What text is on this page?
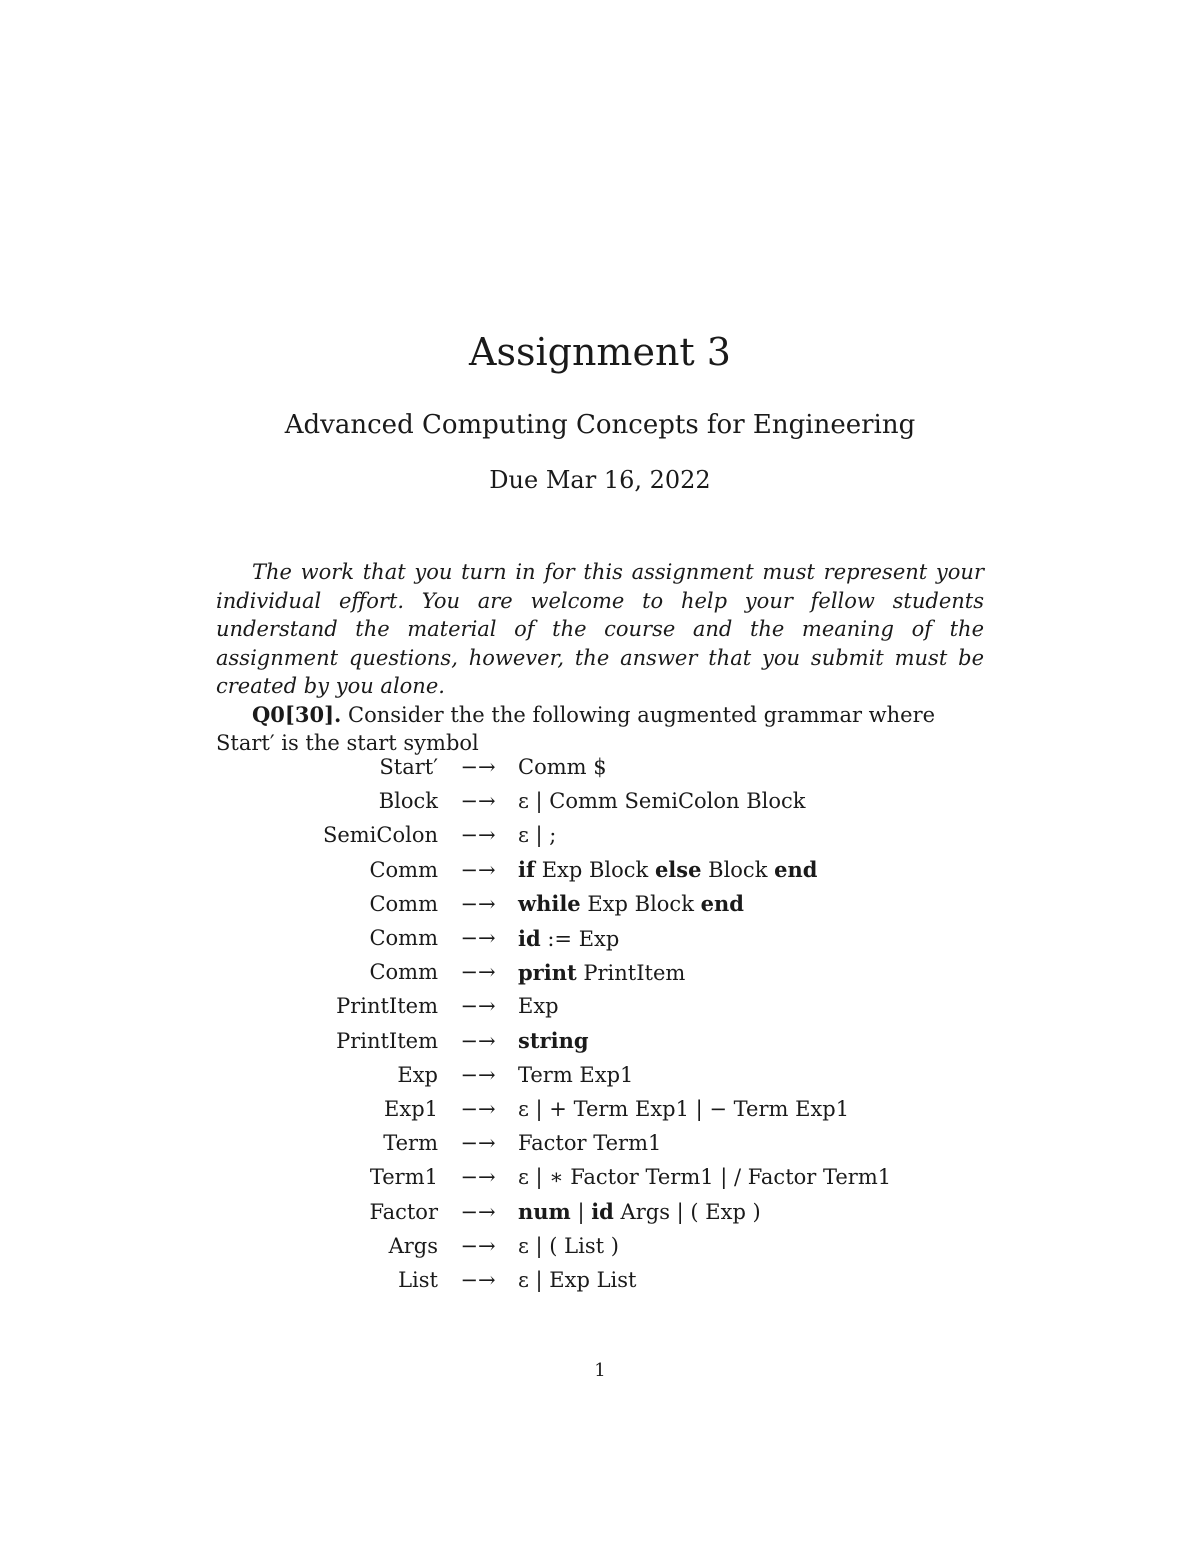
Assignment 3
Advanced Computing Concepts for Engineering
Due Mar 16, 2022

The work that you turn in for this assignment must represent your individual effort. You are welcome to help your fellow students understand the material of the course and the meaning of the assignment questions, however, the answer that you submit must be created by you alone.

Q0[30]. Consider the the following augmented grammar where Start′ is the start symbol

Start′	−→	Comm $
Block	−→	ε | Comm SemiColon Block
SemiColon	−→	ε | ;
Comm	−→	if Exp Block else Block end
Comm	−→	while Exp Block end
Comm	−→	id := Exp
Comm	−→	print PrintItem
PrintItem	−→	Exp
PrintItem	−→	string
Exp	−→	Term Exp1
Exp1	−→	ε | + Term Exp1 | − Term Exp1
Term	−→	Factor Term1
Term1	−→	ε | ∗ Factor Term1 | / Factor Term1
Factor	−→	num | id Args | ( Exp )
Args	−→	ε | ( List )
List	−→	ε | Exp List
1
